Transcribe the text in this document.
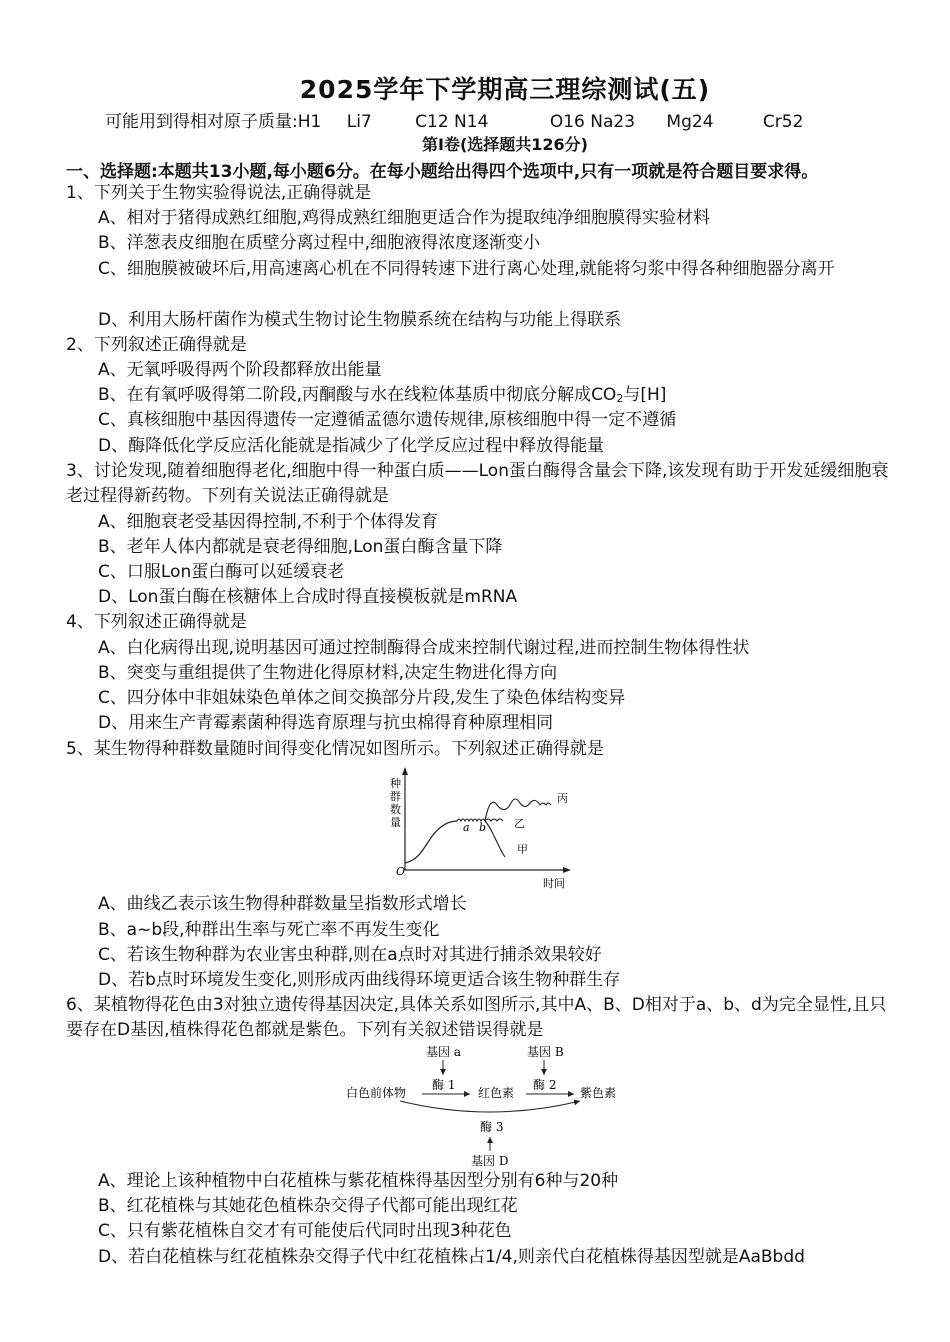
2025学年下学期高三理综测试(五)
可能用到得相对原子质量:H1 Li7	C12 N14	O16 Na23 Mg24	Cr52
第Ⅰ卷(选择题共126分)
一、选择题:本题共13小题,每小题6分。在每小题给出得四个选项中,只有一项就是符合题目要求得。
1、下列关于生物实验得说法,正确得就是
A、相对于猪得成熟红细胞,鸡得成熟红细胞更适合作为提取纯净细胞膜得实验材料
B、洋葱表皮细胞在质壁分离过程中,细胞液得浓度逐渐变小
C、细胞膜被破坏后,用高速离心机在不同得转速下进行离心处理,就能将匀浆中得各种细胞器分离开
D、利用大肠杆菌作为模式生物讨论生物膜系统在结构与功能上得联系
2、下列叙述正确得就是
A、无氧呼吸得两个阶段都释放出能量
B、在有氧呼吸得第二阶段,丙酮酸与水在线粒体基质中彻底分解成$CO_2$与[H]
C、真核细胞中基因得遗传一定遵循孟德尔遗传规律,原核细胞中得一定不遵循
D、酶降低化学反应活化能就是指减少了化学反应过程中释放得能量
3、讨论发现,随着细胞得老化,细胞中得一种蛋白质——Lon蛋白酶得含量会下降,该发现有助于开发延缓细胞衰老过程得新药物。下列有关说法正确得就是
A、细胞衰老受基因得控制,不利于个体得发育
B、老年人体内都就是衰老得细胞,Lon蛋白酶含量下降
C、口服Lon蛋白酶可以延缓衰老
D、Lon蛋白酶在核糖体上合成时得直接模板就是mRNA
4、下列叙述正确得就是
A、白化病得出现,说明基因可通过控制酶得合成来控制代谢过程,进而控制生物体得性状
B、突变与重组提供了生物进化得原材料,决定生物进化得方向
C、四分体中非姐妹染色单体之间交换部分片段,发生了染色体结构变异
D、用来生产青霉素菌种得选育原理与抗虫棉得育种原理相同
5、某生物得种群数量随时间得变化情况如图所示。下列叙述正确得就是
种
群
数
量
O
时间
a b
丙
乙
甲
A、曲线乙表示该生物得种群数量呈指数形式增长
B、a~b段,种群出生率与死亡率不再发生变化
C、若该生物种群为农业害虫种群,则在a点时对其进行捕杀效果较好
D、若b点时环境发生变化,则形成丙曲线得环境更适合该生物种群生存
6、某植物得花色由3对独立遗传得基因决定,具体关系如图所示,其中A、B、D相对于a、b、d为完全显性,且只要存在D基因,植株得花色都就是紫色。下列有关叙述错误得就是
基因 a
酶 1
基因 B
酶 2
白色前体物	红色素	紫色素
酶 3
基因 D
A、理论上该种植物中白花植株与紫花植株得基因型分别有6种与20种
B、红花植株与其她花色植株杂交得子代都可能出现红花
C、只有紫花植株自交才有可能使后代同时出现3种花色
D、若白花植株与红花植株杂交得子代中红花植株占1/4,则亲代白花植株得基因型就是AaBbdd
